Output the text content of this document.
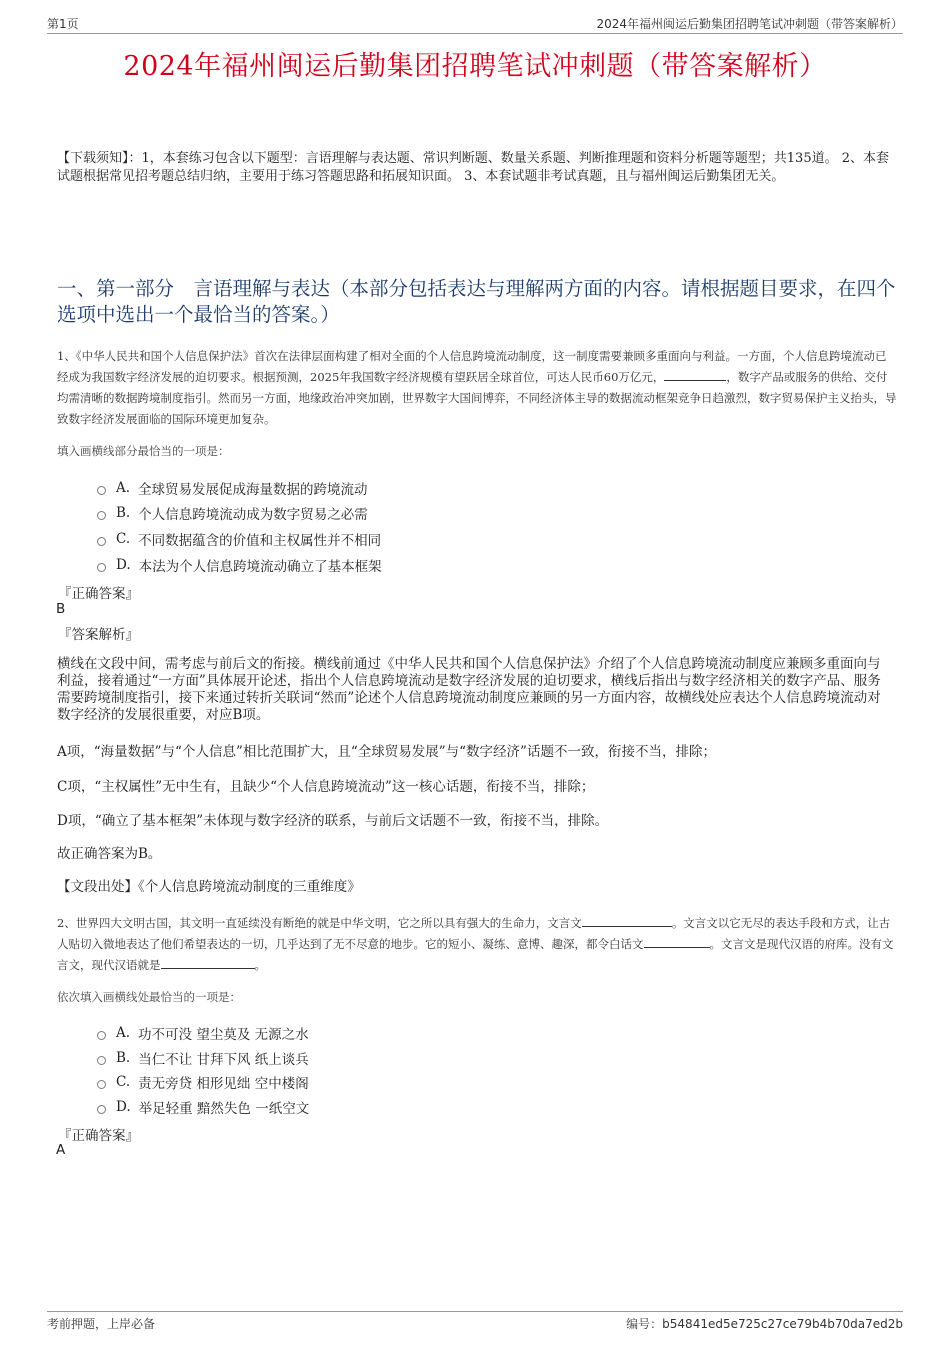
第1页	2024年福州闽运后勤集团招聘笔试冲刺题（带答案解析）
2024年福州闽运后勤集团招聘笔试冲刺题（带答案解析）
【下载须知】：1，本套练习包含以下题型：言语理解与表达题、常识判断题、数量关系题、判断推理题和资料分析题等题型；共135道。 2、本套试题根据常见招考题总结归纳，主要用于练习答题思路和拓展知识面。 3、本套试题非考试真题，且与福州闽运后勤集团无关。
一、第一部分　言语理解与表达（本部分包括表达与理解两方面的内容。请根据题目要求，在四个选项中选出一个最恰当的答案。）
1、《中华人民共和国个人信息保护法》首次在法律层面构建了相对全面的个人信息跨境流动制度，这一制度需要兼顾多重面向与利益。一方面，个人信息跨境流动已经成为我国数字经济发展的迫切要求。根据预测，2025年我国数字经济规模有望跃居全球首位，可达人民币60万亿元，	，数字产品或服务的供给、交付均需清晰的数据跨境制度指引。然而另一方面，地缘政治冲突加剧，世界数字大国间博弈，不同经济体主导的数据流动框架竞争日趋激烈，数字贸易保护主义抬头，导致数字经济发展面临的国际环境更加复杂。
填入画横线部分最恰当的一项是：
A. 全球贸易发展促成海量数据的跨境流动
B. 个人信息跨境流动成为数字贸易之必需
C. 不同数据蕴含的价值和主权属性并不相同
D. 本法为个人信息跨境流动确立了基本框架
『正确答案』
B
『答案解析』
横线在文段中间，需考虑与前后文的衔接。横线前通过《中华人民共和国个人信息保护法》介绍了个人信息跨境流动制度应兼顾多重面向与利益，接着通过“一方面”具体展开论述，指出个人信息跨境流动是数字经济发展的迫切要求，横线后指出与数字经济相关的数字产品、服务需要跨境制度指引，接下来通过转折关联词“然而”论述个人信息跨境流动制度应兼顾的另一方面内容，故横线处应表达个人信息跨境流动对数字经济的发展很重要，对应B项。
A项，“海量数据”与“个人信息”相比范围扩大，且“全球贸易发展”与“数字经济”话题不一致，衔接不当，排除；
C项，“主权属性”无中生有，且缺少“个人信息跨境流动”这一核心话题，衔接不当，排除；
D项，“确立了基本框架”未体现与数字经济的联系，与前后文话题不一致，衔接不当，排除。
故正确答案为B。
【文段出处】《个人信息跨境流动制度的三重维度》
2、世界四大文明古国，其文明一直延续没有断绝的就是中华文明，它之所以具有强大的生命力，文言文	。文言文以它无尽的表达手段和方式，让古人贴切入微地表达了他们希望表达的一切，几乎达到了无不尽意的地步。它的短小、凝练、意博、趣深，都令白话文	。文言文是现代汉语的府库。没有文言文，现代汉语就是	。
依次填入画横线处最恰当的一项是：
A. 功不可没 望尘莫及 无源之水
B. 当仁不让 甘拜下风 纸上谈兵
C. 责无旁贷 相形见绌 空中楼阁
D. 举足轻重 黯然失色 一纸空文
『正确答案』
A
考前押题，上岸必备	编号：b54841ed5e725c27ce79b4b70da7ed2b
